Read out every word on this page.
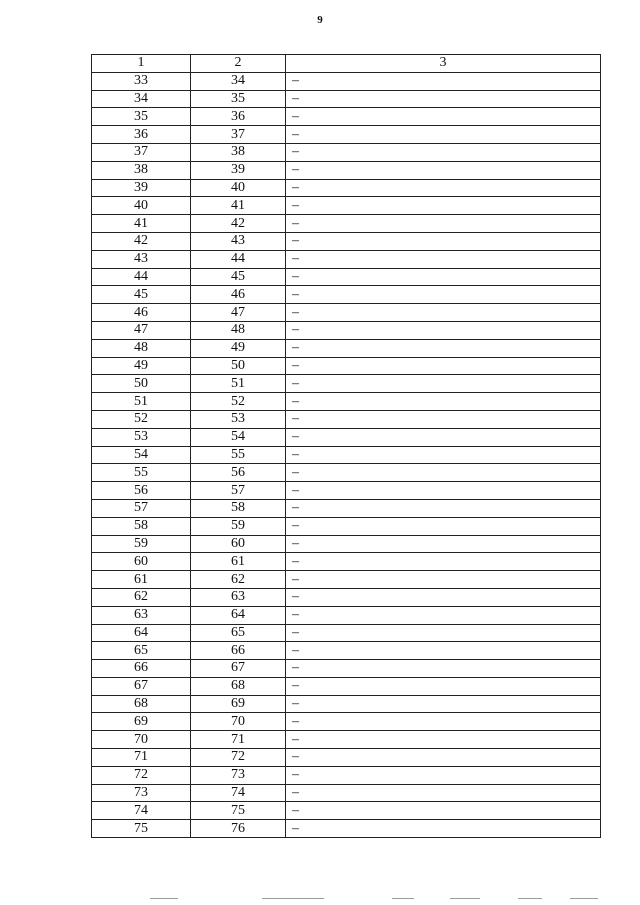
9
1	2	3
33	34	–
34	35	–
35	36	–
36	37	–
37	38	–
38	39	–
39	40	–
40	41	–
41	42	–
42	43	–
43	44	–
44	45	–
45	46	–
46	47	–
47	48	–
48	49	–
49	50	–
50	51	–
51	52	–
52	53	–
53	54	–
54	55	–
55	56	–
56	57	–
57	58	–
58	59	–
59	60	–
60	61	–
61	62	–
62	63	–
63	64	–
64	65	–
65	66	–
66	67	–
67	68	–
68	69	–
69	70	–
70	71	–
71	72	–
72	73	–
73	74	–
74	75	–
75	76	–
